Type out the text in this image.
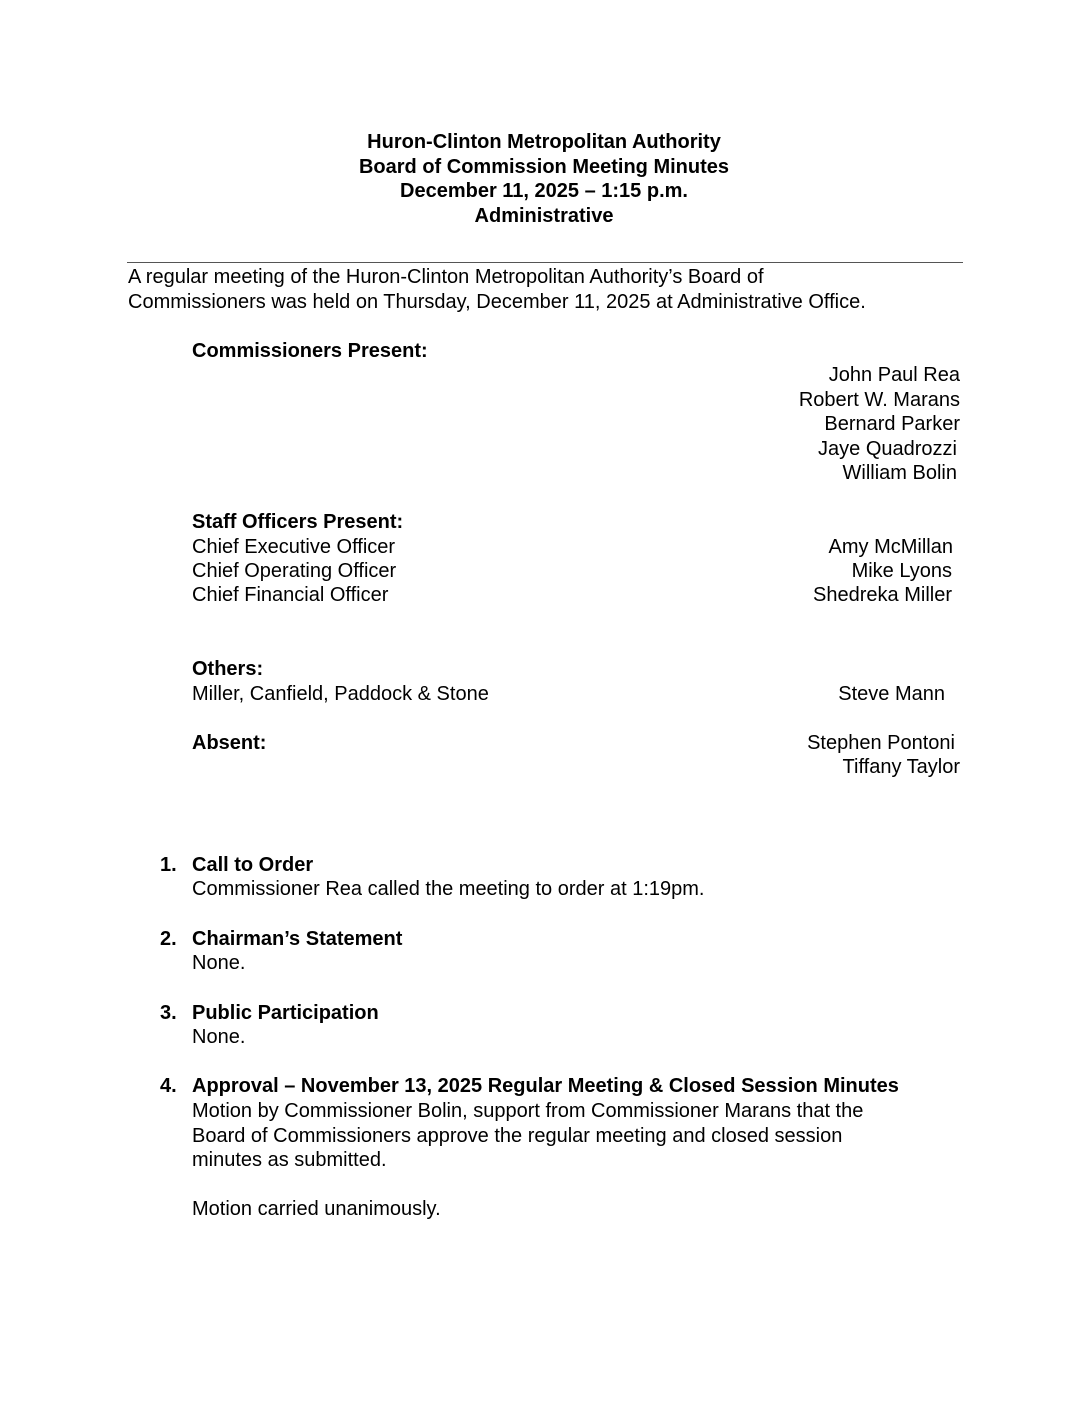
Huron-Clinton Metropolitan Authority
Board of Commission Meeting Minutes
December 11, 2025 – 1:15 p.m.
Administrative
A regular meeting of the Huron-Clinton Metropolitan Authority’s Board of
Commissioners was held on Thursday, December 11, 2025 at Administrative Office.
Commissioners Present:
John Paul Rea
Robert W. Marans
Bernard Parker
Jaye Quadrozzi
William Bolin
Staff Officers Present:
Chief Executive Officer	Amy McMillan
Chief Operating Officer	Mike Lyons
Chief Financial Officer	Shedreka Miller
Others:
Miller, Canfield, Paddock & Stone	Steve Mann
Absent:	Stephen Pontoni
Tiffany Taylor
1. Call to Order
Commissioner Rea called the meeting to order at 1:19pm.
2. Chairman’s Statement
None.
3. Public Participation
None.
4. Approval – November 13, 2025 Regular Meeting & Closed Session Minutes
Motion by Commissioner Bolin, support from Commissioner Marans that the
Board of Commissioners approve the regular meeting and closed session
minutes as submitted.
Motion carried unanimously.
